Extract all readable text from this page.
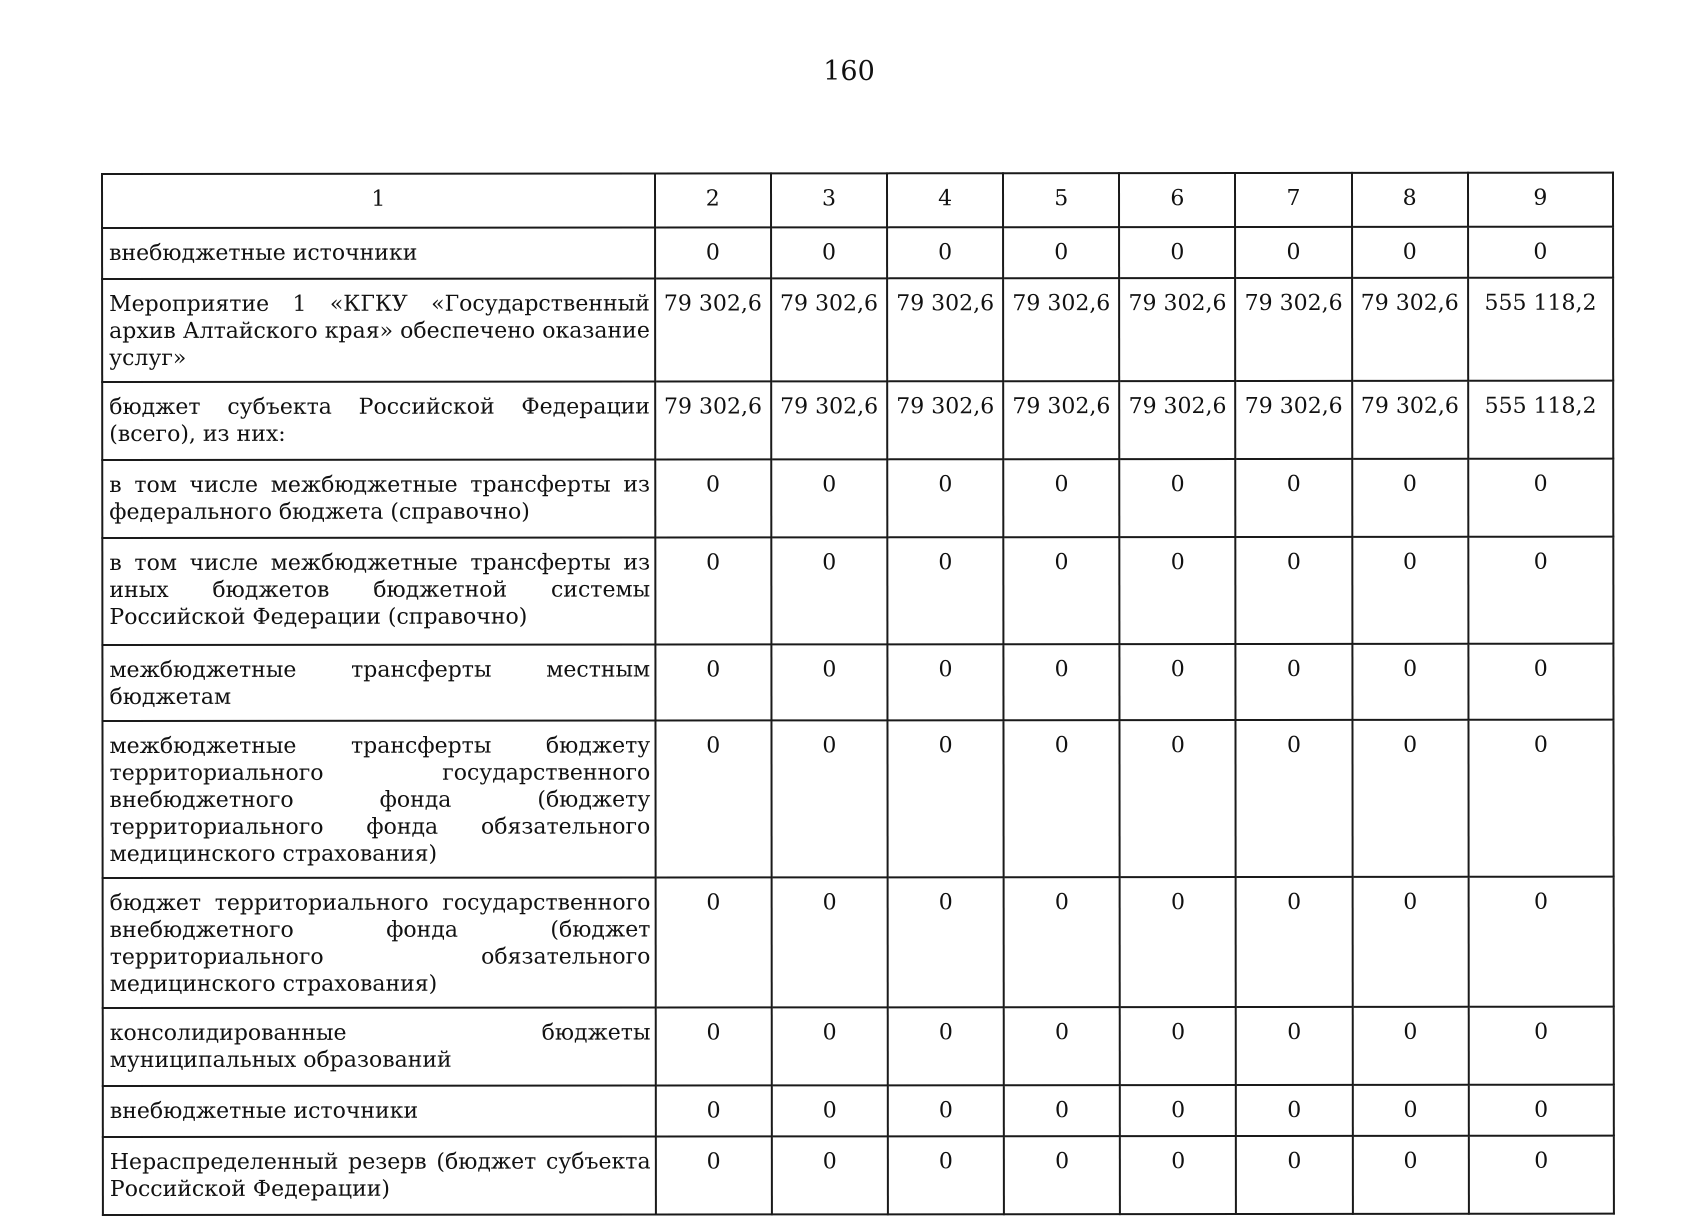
160
1	2	3	4	5	6	7	8	9
внебюджетные источники	0	0	0	0	0	0	0	0
Мероприятие 1 «КГКУ «Государственный архив Алтайского края» обеспечено оказание услуг»	79 302,6	79 302,6	79 302,6	79 302,6	79 302,6	79 302,6	79 302,6	555 118,2
бюджет субъекта Российской Федерации (всего), из них:	79 302,6	79 302,6	79 302,6	79 302,6	79 302,6	79 302,6	79 302,6	555 118,2
в том числе межбюджетные трансферты из федерального бюджета (справочно)	0	0	0	0	0	0	0	0
в том числе межбюджетные трансферты из иных бюджетов бюджетной системы Российской Федерации (справочно)	0	0	0	0	0	0	0	0
межбюджетные трансферты местным бюджетам	0	0	0	0	0	0	0	0
межбюджетные трансферты бюджету территориального государственного внебюджетного фонда (бюджету территориального фонда обязательного медицинского страхования)	0	0	0	0	0	0	0	0
бюджет территориального государственного внебюджетного фонда (бюджет территориального обязательного медицинского страхования)	0	0	0	0	0	0	0	0
консолидированные бюджеты муниципальных образований	0	0	0	0	0	0	0	0
внебюджетные источники	0	0	0	0	0	0	0	0
Нераспределенный резерв (бюджет субъекта Российской Федерации)	0	0	0	0	0	0	0	0
